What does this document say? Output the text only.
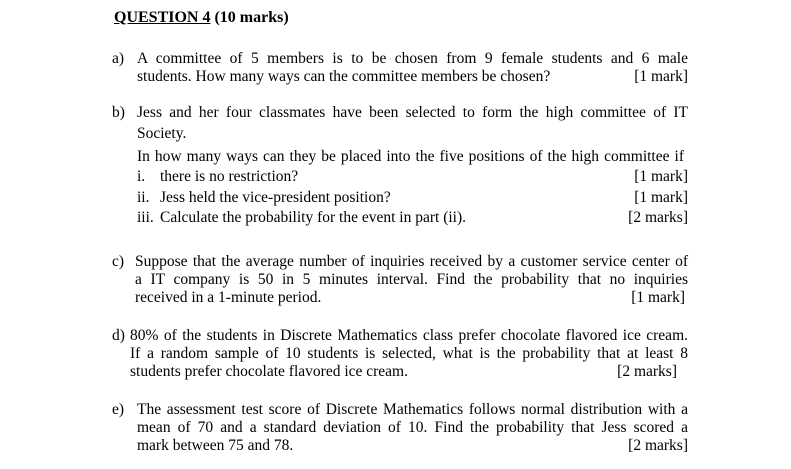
QUESTION 4 (10 marks)
a) A committee of 5 members is to be chosen from 9 female students and 6 male
students. How many ways can the committee members be chosen?	[1 mark]
b) Jess and her four classmates have been selected to form the high committee of IT
Society.
In how many ways can they be placed into the five positions of the high committee if
i. there is no restriction?	[1 mark]
ii. Jess held the vice-president position?	[1 mark]
iii. Calculate the probability for the event in part (ii).	[2 marks]
c) Suppose that the average number of inquiries received by a customer service center of
a IT company is 50 in 5 minutes interval. Find the probability that no inquiries
received in a 1-minute period.	[1 mark]
d) 80% of the students in Discrete Mathematics class prefer chocolate flavored ice cream.
If a random sample of 10 students is selected, what is the probability that at least 8
students prefer chocolate flavored ice cream.	[2 marks]
e) The assessment test score of Discrete Mathematics follows normal distribution with a
mean of 70 and a standard deviation of 10. Find the probability that Jess scored a
mark between 75 and 78.	[2 marks]
